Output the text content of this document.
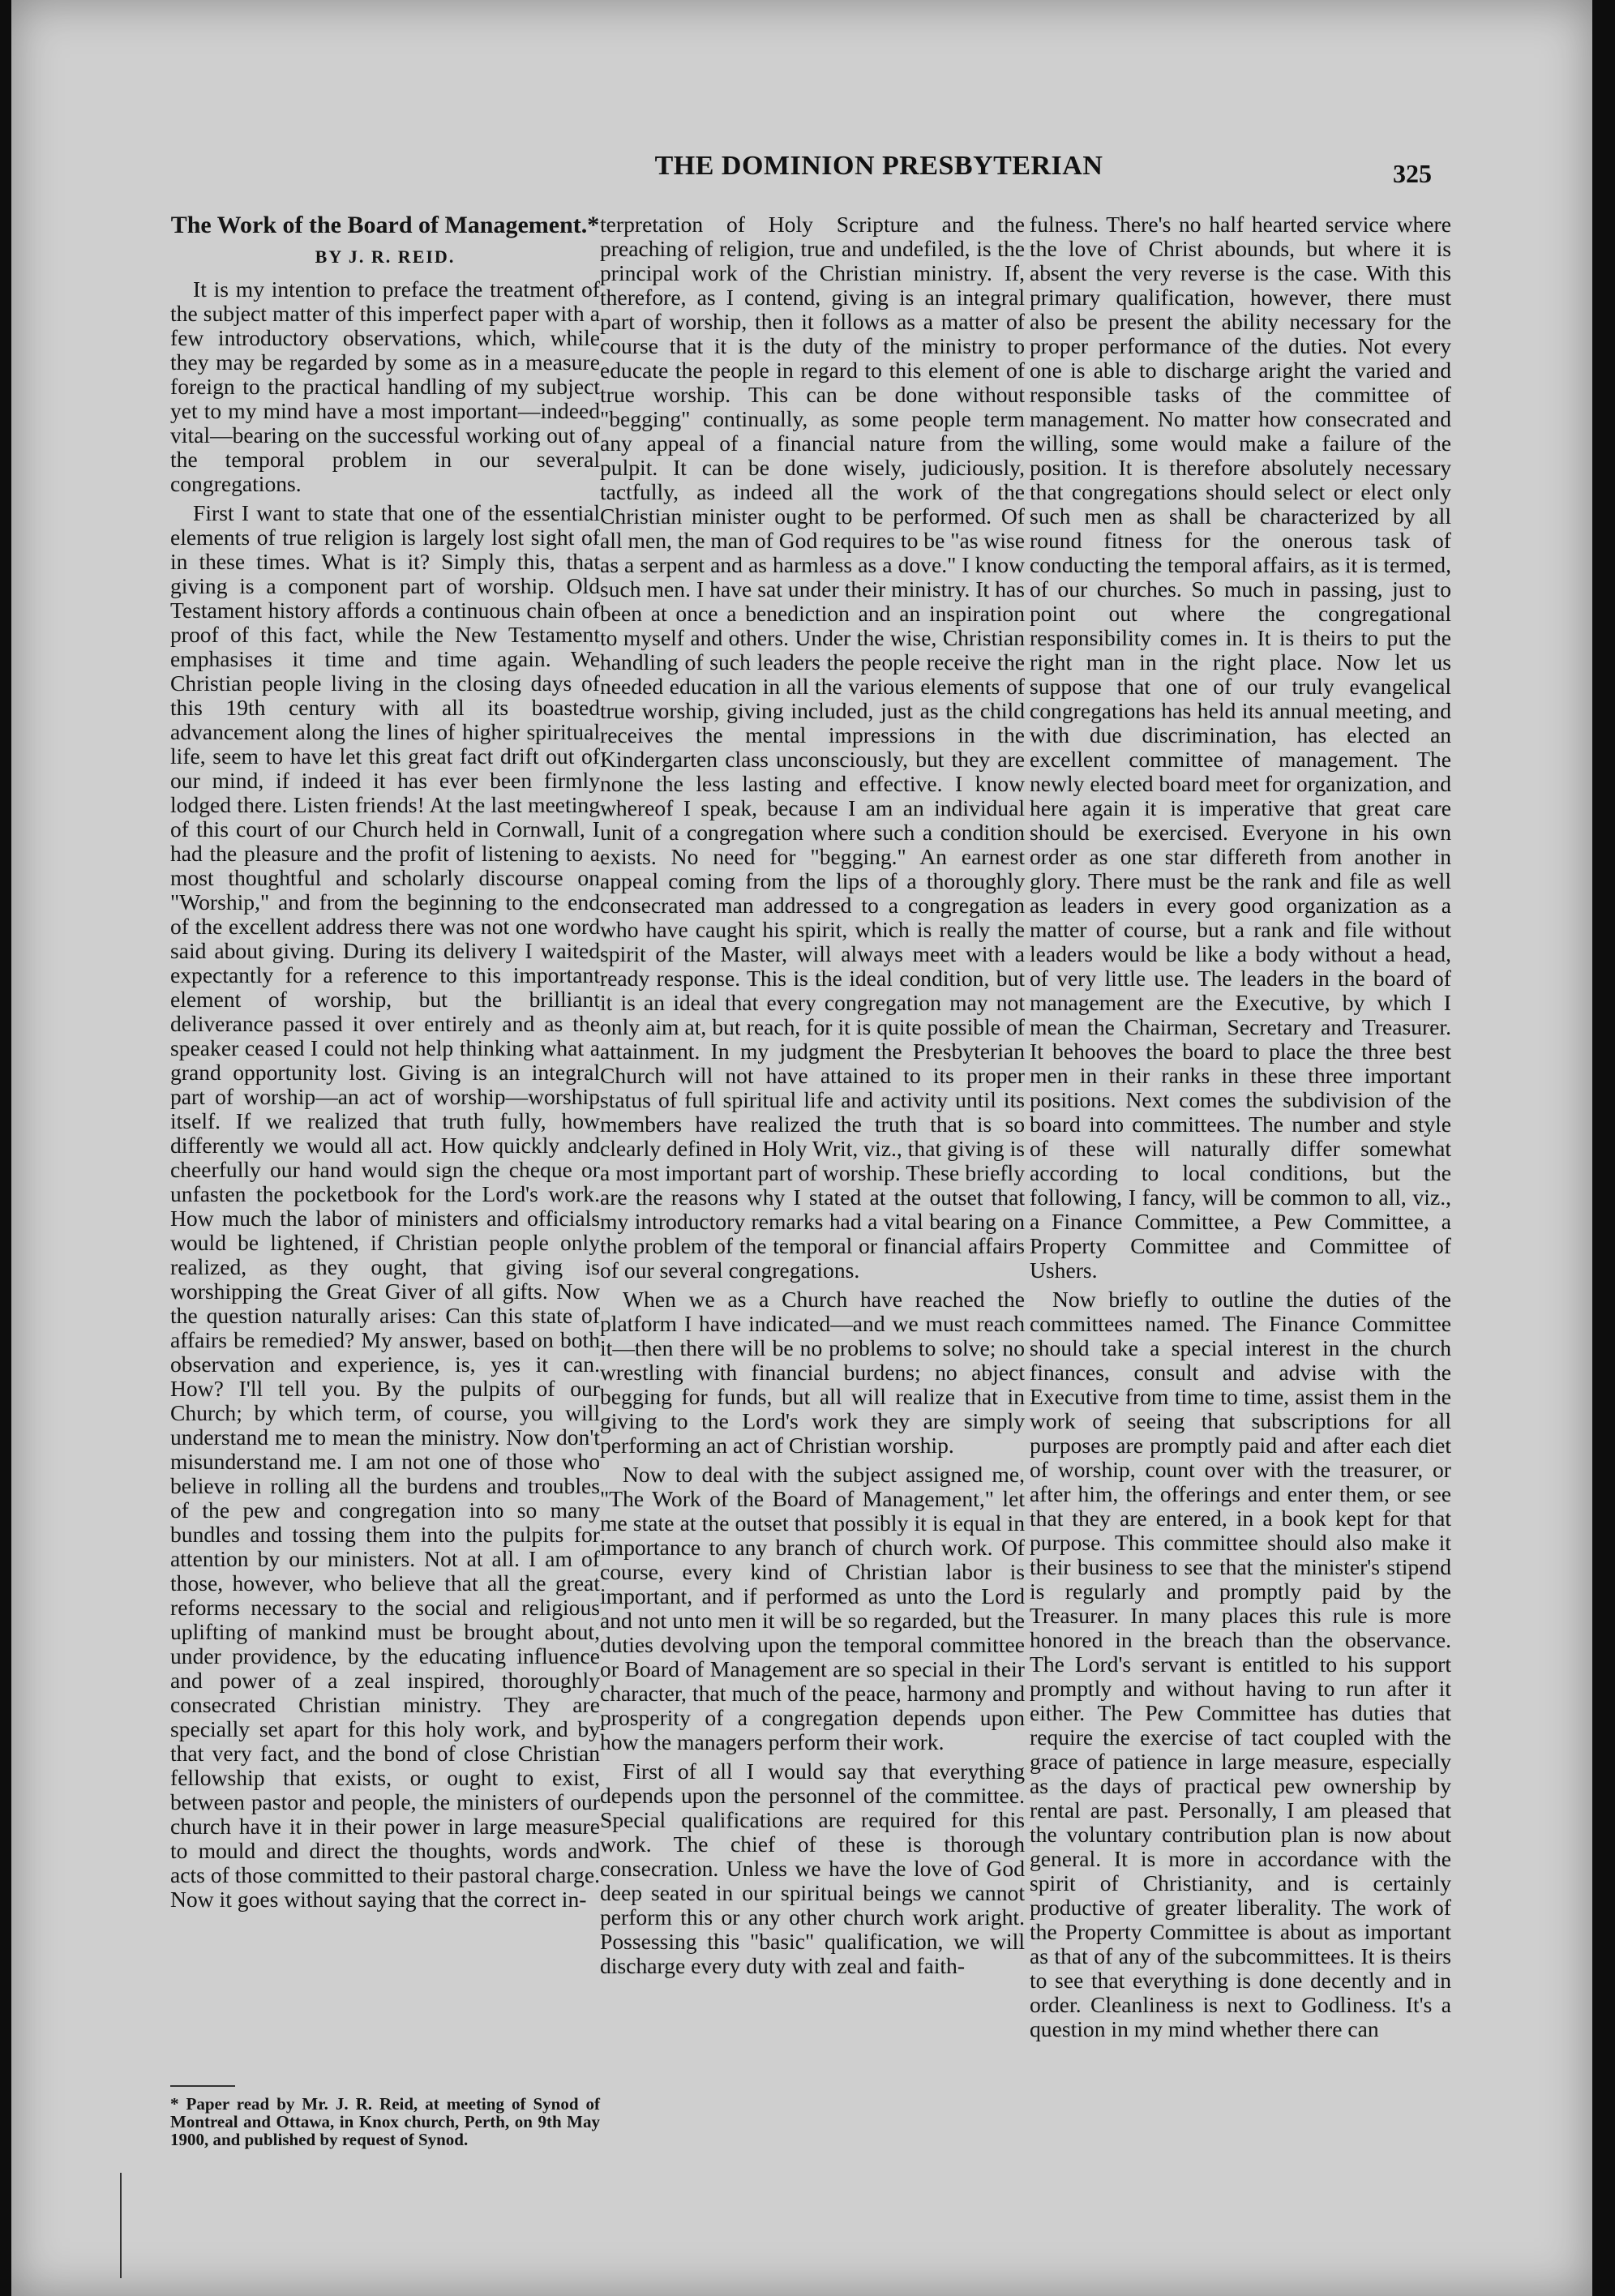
THE DOMINION PRESBYTERIAN	325
The Work of the Board of Management.*
BY J. R. REID.

It is my intention to preface the treatment of the subject matter of this imperfect paper with a few introductory observations, which, while they may be regarded by some as in a measure foreign to the practical handling of my subject yet to my mind have a most important—indeed vital—bearing on the successful working out of the temporal problem in our several congregations.

First I want to state that one of the essential elements of true religion is largely lost sight of in these times. What is it? Simply this, that giving is a component part of worship. Old Testament history affords a continuous chain of proof of this fact, while the New Testament emphasises it time and time again. We Christian people living in the closing days of this 19th century with all its boasted advancement along the lines of higher spiritual life, seem to have let this great fact drift out of our mind, if indeed it has ever been firmly lodged there. Listen friends! At the last meeting of this court of our Church held in Cornwall, I had the pleasure and the profit of listening to a most thoughtful and scholarly discourse on "Worship," and from the beginning to the end of the excellent address there was not one word said about giving. During its delivery I waited expectantly for a reference to this important element of worship, but the brilliant deliverance passed it over entirely and as the speaker ceased I could not help thinking what a grand opportunity lost. Giving is an integral part of worship—an act of worship—worship itself. If we realized that truth fully, how differently we would all act. How quickly and cheerfully our hand would sign the cheque or unfasten the pocketbook for the Lord's work. How much the labor of ministers and officials would be lightened, if Christian people only realized, as they ought, that giving is worshipping the Great Giver of all gifts. Now the question naturally arises: Can this state of affairs be remedied? My answer, based on both observation and experience, is, yes it can. How? I'll tell you. By the pulpits of our Church; by which term, of course, you will understand me to mean the ministry. Now don't misunderstand me. I am not one of those who believe in rolling all the burdens and troubles of the pew and congregation into so many bundles and tossing them into the pulpits for attention by our ministers. Not at all. I am of those, however, who believe that all the great reforms necessary to the social and religious uplifting of mankind must be brought about, under providence, by the educating influence and power of a zeal inspired, thoroughly consecrated Christian ministry. They are specially set apart for this holy work, and by that very fact, and the bond of close Christian fellowship that exists, or ought to exist, between pastor and people, the ministers of our church have it in their power in large measure to mould and direct the thoughts, words and acts of those committed to their pastoral charge. Now it goes without saying that the correct in-

terpretation of Holy Scripture and the preaching of religion, true and undefiled, is the principal work of the Christian ministry. If, therefore, as I contend, giving is an integral part of worship, then it follows as a matter of course that it is the duty of the ministry to educate the people in regard to this element of true worship. This can be done without "begging" continually, as some people term any appeal of a financial nature from the pulpit. It can be done wisely, judiciously, tactfully, as indeed all the work of the Christian minister ought to be performed. Of all men, the man of God requires to be "as wise as a serpent and as harmless as a dove." I know such men. I have sat under their ministry. It has been at once a benediction and an inspiration to myself and others. Under the wise, Christian handling of such leaders the people receive the needed education in all the various elements of true worship, giving included, just as the child receives the mental impressions in the Kindergarten class unconsciously, but they are none the less lasting and effective. I know whereof I speak, because I am an individual unit of a congregation where such a condition exists. No need for "begging." An earnest appeal coming from the lips of a thoroughly consecrated man addressed to a congregation who have caught his spirit, which is really the spirit of the Master, will always meet with a ready response. This is the ideal condition, but it is an ideal that every congregation may not only aim at, but reach, for it is quite possible of attainment. In my judgment the Presbyterian Church will not have attained to its proper status of full spiritual life and activity until its members have realized the truth that is so clearly defined in Holy Writ, viz., that giving is a most important part of worship. These briefly are the reasons why I stated at the outset that my introductory remarks had a vital bearing on the problem of the temporal or financial affairs of our several congregations.

When we as a Church have reached the platform I have indicated—and we must reach it—then there will be no problems to solve; no wrestling with financial burdens; no abject begging for funds, but all will realize that in giving to the Lord's work they are simply performing an act of Christian worship.

Now to deal with the subject assigned me, "The Work of the Board of Management," let me state at the outset that possibly it is equal in importance to any branch of church work. Of course, every kind of Christian labor is important, and if performed as unto the Lord and not unto men it will be so regarded, but the duties devolving upon the temporal committee or Board of Management are so special in their character, that much of the peace, harmony and prosperity of a congregation depends upon how the managers perform their work.

First of all I would say that everything depends upon the personnel of the committee. Special qualifications are required for this work. The chief of these is thorough consecration. Unless we have the love of God deep seated in our spiritual beings we cannot perform this or any other church work aright. Possessing this "basic" qualification, we will discharge every duty with zeal and faith-

fulness. There's no half hearted service where the love of Christ abounds, but where it is absent the very reverse is the case. With this primary qualification, however, there must also be present the ability necessary for the proper performance of the duties. Not every one is able to discharge aright the varied and responsible tasks of the committee of management. No matter how consecrated and willing, some would make a failure of the position. It is therefore absolutely necessary that congregations should select or elect only such men as shall be characterized by all round fitness for the onerous task of conducting the temporal affairs, as it is termed, of our churches. So much in passing, just to point out where the congregational responsibility comes in. It is theirs to put the right man in the right place. Now let us suppose that one of our truly evangelical congregations has held its annual meeting, and with due discrimination, has elected an excellent committee of management. The newly elected board meet for organization, and here again it is imperative that great care should be exercised. Everyone in his own order as one star differeth from another in glory. There must be the rank and file as well as leaders in every good organization as a matter of course, but a rank and file without leaders would be like a body without a head, of very little use. The leaders in the board of management are the Executive, by which I mean the Chairman, Secretary and Treasurer. It behooves the board to place the three best men in their ranks in these three important positions. Next comes the subdivision of the board into committees. The number and style of these will naturally differ somewhat according to local conditions, but the following, I fancy, will be common to all, viz., a Finance Committee, a Pew Committee, a Property Committee and Committee of Ushers.

Now briefly to outline the duties of the committees named. The Finance Committee should take a special interest in the church finances, consult and advise with the Executive from time to time, assist them in the work of seeing that subscriptions for all purposes are promptly paid and after each diet of worship, count over with the treasurer, or after him, the offerings and enter them, or see that they are entered, in a book kept for that purpose. This committee should also make it their business to see that the minister's stipend is regularly and promptly paid by the Treasurer. In many places this rule is more honored in the breach than the observance. The Lord's servant is entitled to his support promptly and without having to run after it either. The Pew Committee has duties that require the exercise of tact coupled with the grace of patience in large measure, especially as the days of practical pew ownership by rental are past. Personally, I am pleased that the voluntary contribution plan is now about general. It is more in accordance with the spirit of Christianity, and is certainly productive of greater liberality. The work of the Property Committee is about as important as that of any of the subcommittees. It is theirs to see that everything is done decently and in order. Cleanliness is next to Godliness. It's a question in my mind whether there can

* Paper read by Mr. J. R. Reid, at meeting of Synod of Montreal and Ottawa, in Knox church, Perth, on 9th May 1900, and published by request of Synod.
